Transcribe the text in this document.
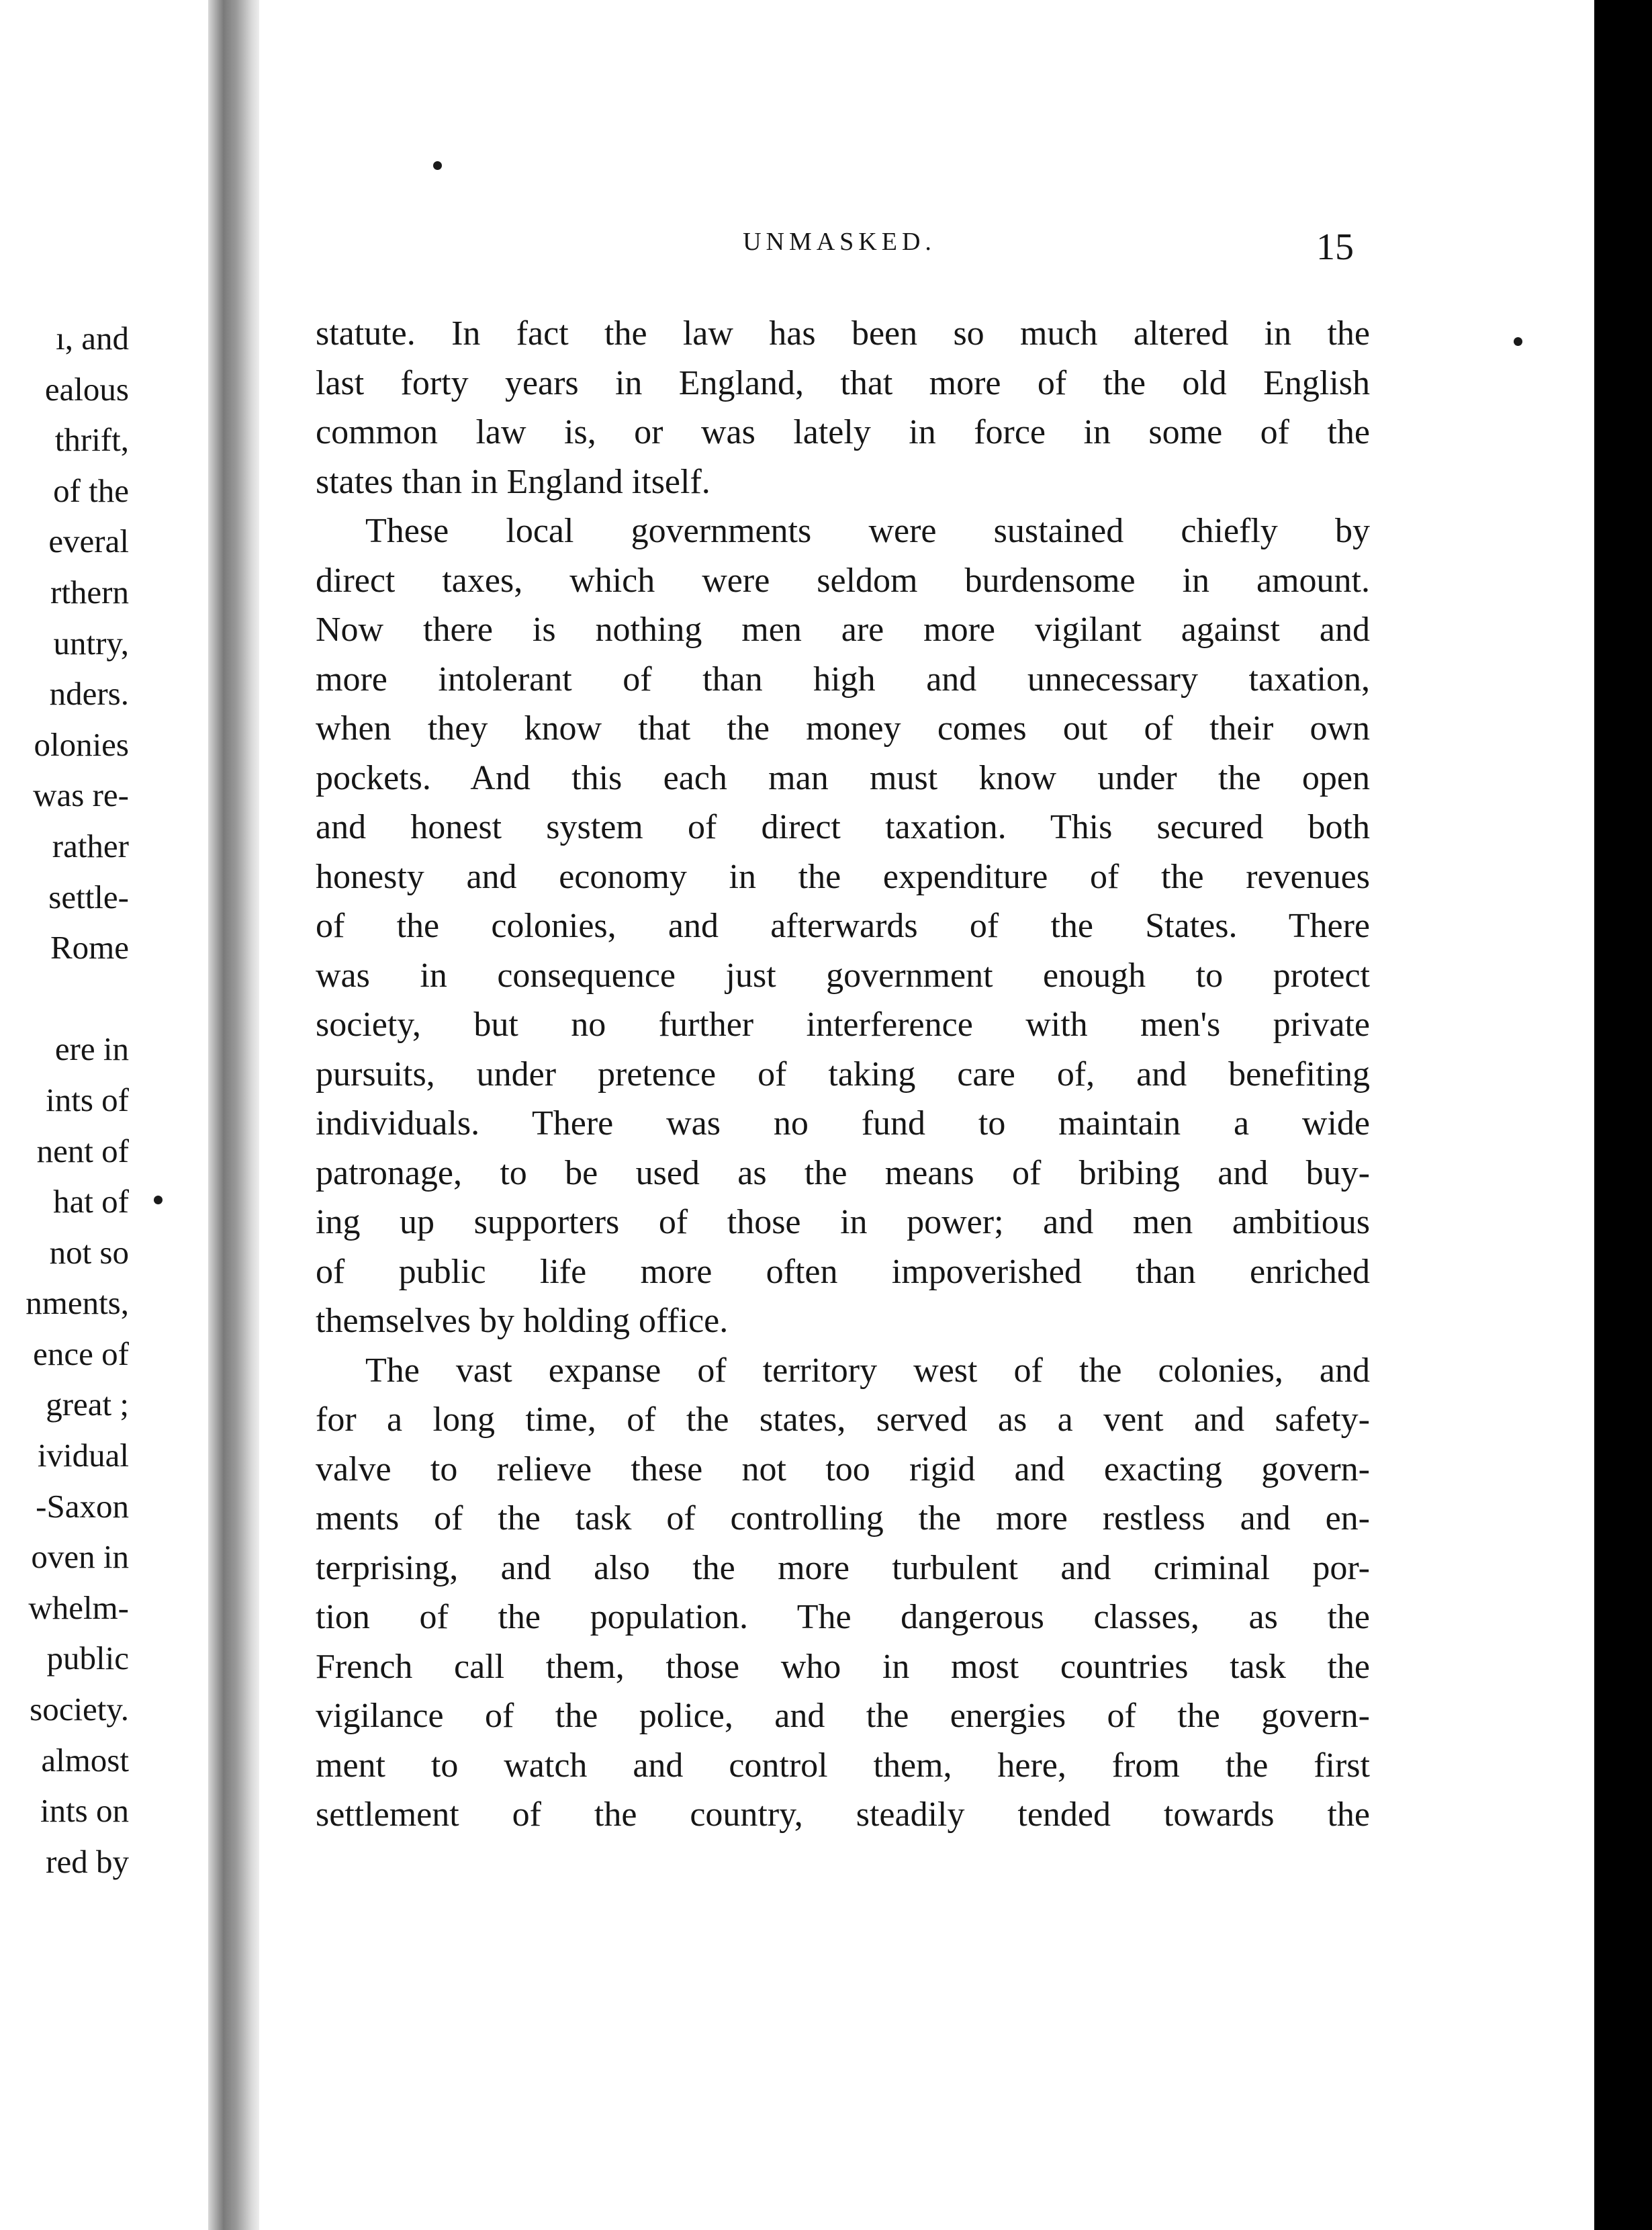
ı, and
ealous
thrift,
of the
everal
rthern
untry,
nders.
olonies
was re-
rather
settle-
Rome
ere in
ints of
nent of
hat of
not so
nments,
ence of
great ;
ividual
-Saxon
oven in
whelm-
public
society.
almost
ints on
red by
UNMASKED.	15
statute. In fact the law has been so much altered in the
last forty years in England, that more of the old English
common law is, or was lately in force in some of the
states than in England itself.
These local governments were sustained chiefly by
direct taxes, which were seldom burdensome in amount.
Now there is nothing men are more vigilant against and
more intolerant of than high and unnecessary taxation,
when they know that the money comes out of their own
pockets. And this each man must know under the open
and honest system of direct taxation. This secured both
honesty and economy in the expenditure of the revenues
of the colonies, and afterwards of the States. There
was in consequence just government enough to protect
society, but no further interference with men's private
pursuits, under pretence of taking care of, and benefiting
individuals. There was no fund to maintain a wide
patronage, to be used as the means of bribing and buy-
ing up supporters of those in power; and men ambitious
of public life more often impoverished than enriched
themselves by holding office.
The vast expanse of territory west of the colonies, and
for a long time, of the states, served as a vent and safety-
valve to relieve these not too rigid and exacting govern-
ments of the task of controlling the more restless and en-
terprising, and also the more turbulent and criminal por-
tion of the population. The dangerous classes, as the
French call them, those who in most countries task the
vigilance of the police, and the energies of the govern-
ment to watch and control them, here, from the first
settlement of the country, steadily tended towards the
